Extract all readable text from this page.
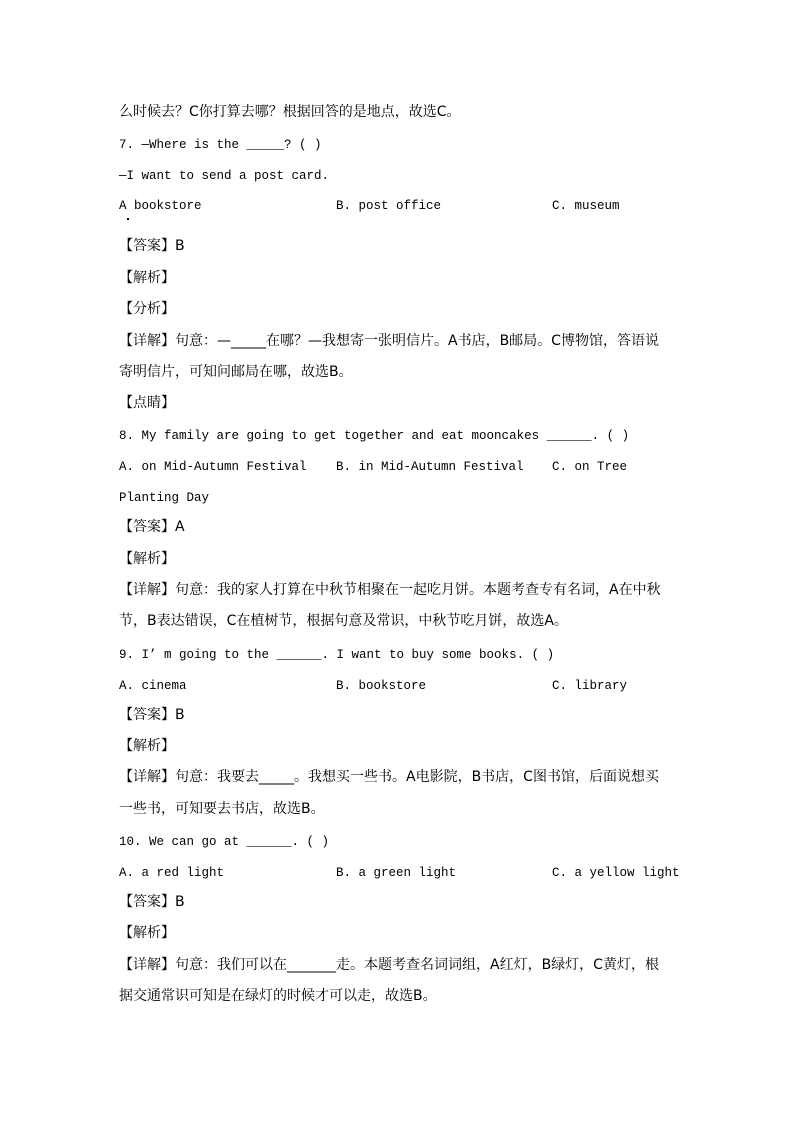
么时候去？C你打算去哪？根据回答的是地点，故选C。
7. —Where is the _____? ( )
—I want to send a post card.
A bookstore	B. post office	C. museum
【答案】B
【解析】
【分析】
【详解】句意：—_____在哪？—我想寄一张明信片。A书店，B邮局。C博物馆，答语说
寄明信片，可知问邮局在哪，故选B。
【点睛】
8. My family are going to get together and eat mooncakes ______. ( )
A. on Mid-Autumn Festival B. in Mid-Autumn Festival C. on Tree
Planting Day
【答案】A
【解析】
【详解】句意：我的家人打算在中秋节相聚在一起吃月饼。本题考查专有名词，A在中秋
节，B表达错误，C在植树节，根据句意及常识，中秋节吃月饼，故选A。
9. I’ m going to the ______. I want to buy some books. ( )
A. cinema	B. bookstore	C. library
【答案】B
【解析】
【详解】句意：我要去_____。我想买一些书。A电影院，B书店，C图书馆，后面说想买
一些书，可知要去书店，故选B。
10. We can go at ______. ( )
A. a red light	B. a green light	C. a yellow light
【答案】B
【解析】
【详解】句意：我们可以在_______走。本题考查名词词组，A红灯，B绿灯，C黄灯，根
据交通常识可知是在绿灯的时候才可以走，故选B。
